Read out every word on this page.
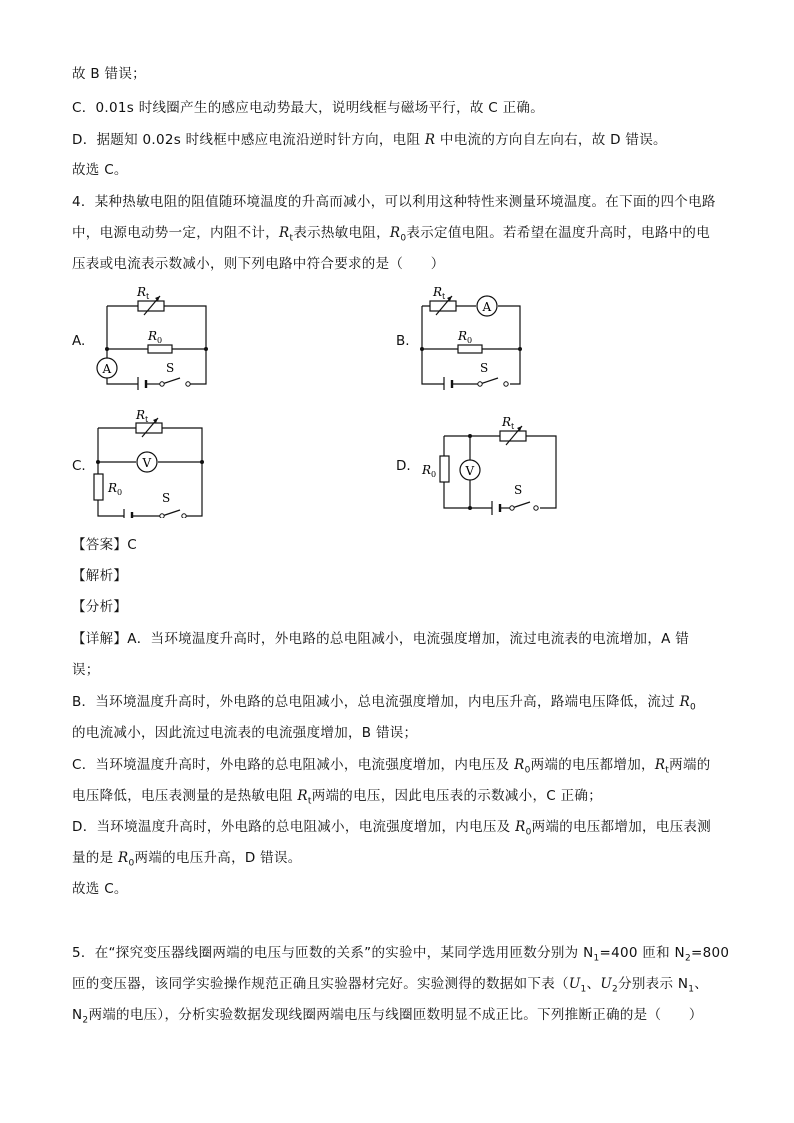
故 B 错误；
C．0.01s 时线圈产生的感应电动势最大，说明线框与磁场平行，故 C 正确。
D．据题知 0.02s 时线框中感应电流沿逆时针方向，电阻 R 中电流的方向自左向右，故 D 错误。
故选 C。
4．某种热敏电阻的阻值随环境温度的升高而减小，可以利用这种特性来测量环境温度。在下面的四个电路
中，电源电动势一定，内阻不计，$R_t$表示热敏电阻，$R_0$表示定值电阻。若希望在温度升高时，电路中的电
压表或电流表示数减小，则下列电路中符合要求的是（　　）
A.	B.
C.	D.
A
R t
R 0
S
A
R t
R 0
S
V
R t
R 0	S
V
R t
R 0
S
【答案】C
【解析】
【分析】
【详解】A．当环境温度升高时，外电路的总电阻减小，电流强度增加，流过电流表的电流增加，A 错
误；
B．当环境温度升高时，外电路的总电阻减小，总电流强度增加，内电压升高，路端电压降低，流过 $R_0$
的电流减小，因此流过电流表的电流强度增加，B 错误；
C．当环境温度升高时，外电路的总电阻减小，电流强度增加，内电压及 $R_0$两端的电压都增加，$R_t$两端的
电压降低，电压表测量的是热敏电阻 $R_t$两端的电压，因此电压表的示数减小，C 正确；
D．当环境温度升高时，外电路的总电阻减小，电流强度增加，内电压及 $R_0$两端的电压都增加，电压表测
量的是 $R_0$两端的电压升高，D 错误。
故选 C。
5．在“探究变压器线圈两端的电压与匝数的关系”的实验中，某同学选用匝数分别为 $N_1=400$ 匝和 $N_2=800$
匝的变压器，该同学实验操作规范正确且实验器材完好。实验测得的数据如下表（$U_1$、$U_2$分别表示 $N_1$、
$N_2$两端的电压），分析实验数据发现线圈两端电压与线圈匝数明显不成正比。下列推断正确的是（　　）
